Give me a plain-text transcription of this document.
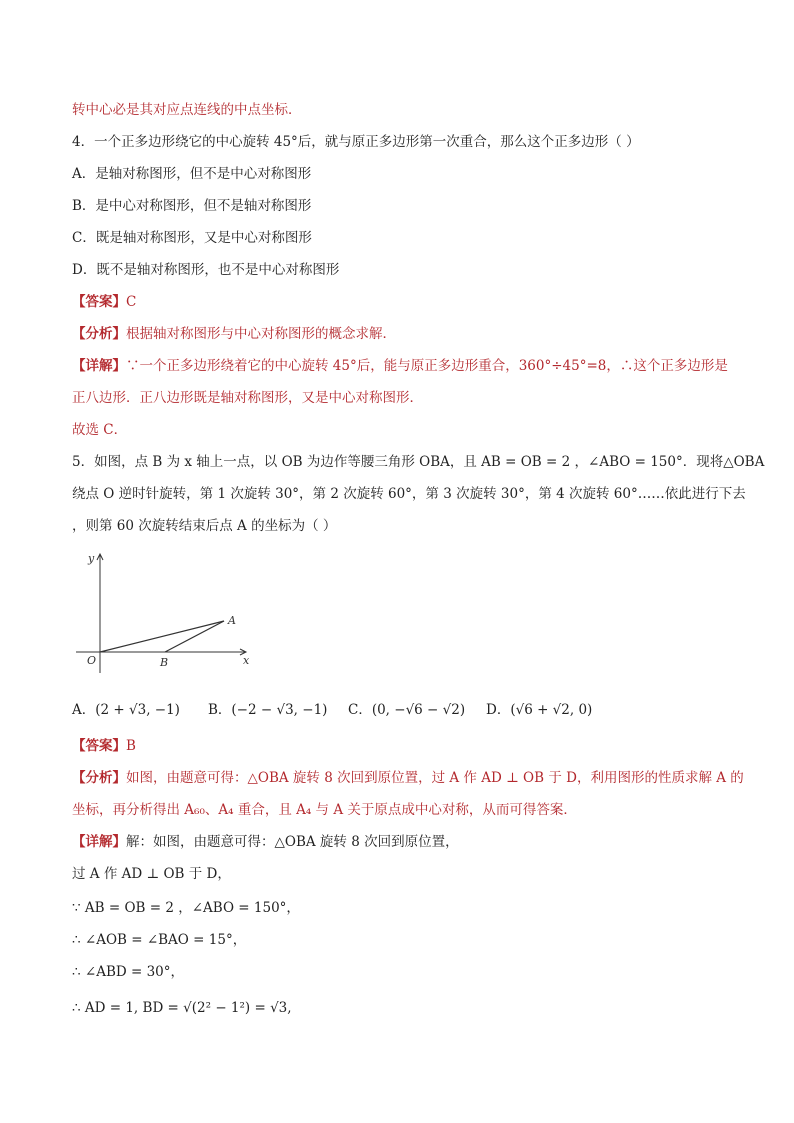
转中心必是其对应点连线的中点坐标．
4．一个正多边形绕它的中心旋转 45°后，就与原正多边形第一次重合，那么这个正多边形（ ）
A．是轴对称图形，但不是中心对称图形
B．是中心对称图形，但不是轴对称图形
C．既是轴对称图形，又是中心对称图形
D．既不是轴对称图形，也不是中心对称图形
【答案】C
【分析】根据轴对称图形与中心对称图形的概念求解．
【详解】∵一个正多边形绕着它的中心旋转 45°后，能与原正多边形重合，360°÷45°=8，∴这个正多边形是
正八边形．正八边形既是轴对称图形，又是中心对称图形．
故选 C．
5．如图，点 B 为 x 轴上一点，以 OB 为边作等腰三角形 OBA，且 AB = OB = 2 ，∠ABO = 150°．现将△OBA
绕点 O 逆时针旋转，第 1 次旋转 30°，第 2 次旋转 60°，第 3 次旋转 30°，第 4 次旋转 60°……依此进行下去
，则第 60 次旋转结束后点 A 的坐标为（ ）
y
x
O
A
B
A．(2 + √3, −1) B．(−2 − √3, −1) C．(0, −√6 − √2) D．(√6 + √2, 0)
【答案】B
【分析】如图，由题意可得：△OBA 旋转 8 次回到原位置，过 A 作 AD ⊥ OB 于 D，利用图形的性质求解 A 的
坐标，再分析得出 A₆₀、A₄ 重合，且 A₄ 与 A 关于原点成中心对称，从而可得答案．
【详解】解：如图，由题意可得：△OBA 旋转 8 次回到原位置，
过 A 作 AD ⊥ OB 于 D，
∵ AB = OB = 2 ，∠ABO = 150°，
∴ ∠AOB = ∠BAO = 15°，
∴ ∠ABD = 30°，
∴ AD = 1, BD = √(2² − 1²) = √3,
